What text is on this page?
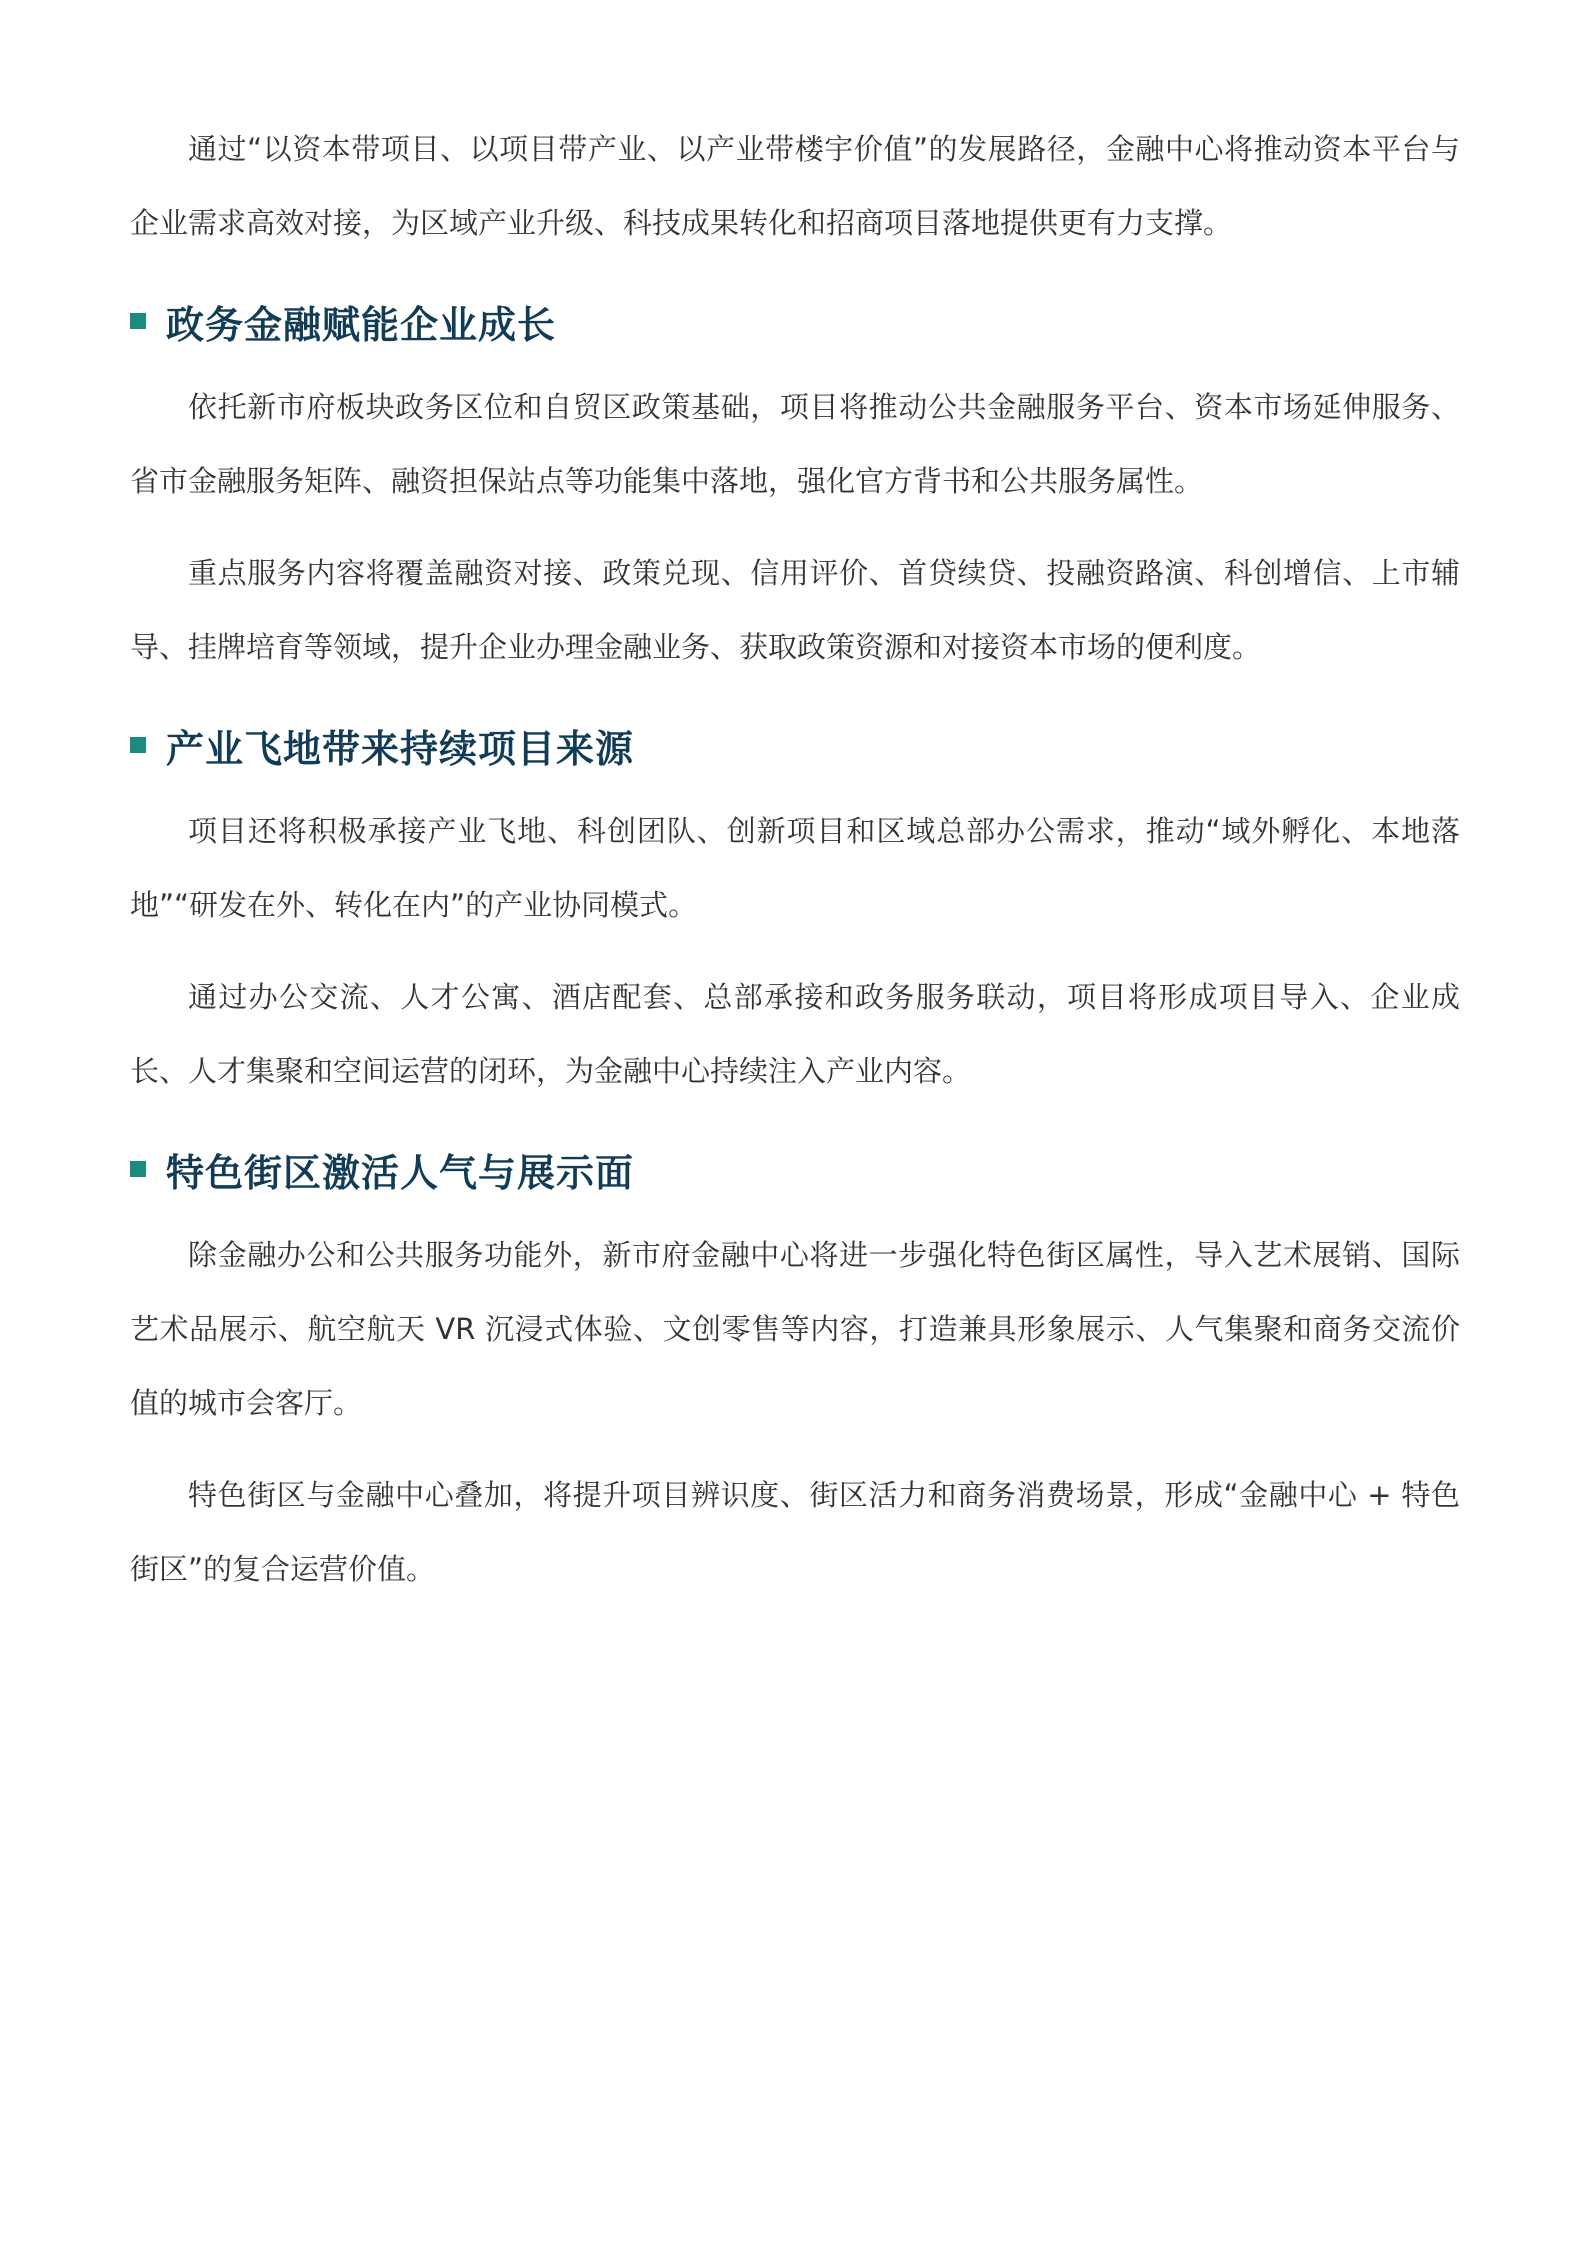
通过“以资本带项目、以项目带产业、以产业带楼宇价值”的发展路径，金融中心将推动资本平台与企业需求高效对接，为区域产业升级、科技成果转化和招商项目落地提供更有力支撑。

政务金融赋能企业成长

依托新市府板块政务区位和自贸区政策基础，项目将推动公共金融服务平台、资本市场延伸服务、省市金融服务矩阵、融资担保站点等功能集中落地，强化官方背书和公共服务属性。

重点服务内容将覆盖融资对接、政策兑现、信用评价、首贷续贷、投融资路演、科创增信、上市辅导、挂牌培育等领域，提升企业办理金融业务、获取政策资源和对接资本市场的便利度。

产业飞地带来持续项目来源

项目还将积极承接产业飞地、科创团队、创新项目和区域总部办公需求，推动“域外孵化、本地落地”“研发在外、转化在内”的产业协同模式。

通过办公交流、人才公寓、酒店配套、总部承接和政务服务联动，项目将形成项目导入、企业成长、人才集聚和空间运营的闭环，为金融中心持续注入产业内容。

特色街区激活人气与展示面

除金融办公和公共服务功能外，新市府金融中心将进一步强化特色街区属性，导入艺术展销、国际艺术品展示、航空航天 VR 沉浸式体验、文创零售等内容，打造兼具形象展示、人气集聚和商务交流价值的城市会客厅。

特色街区与金融中心叠加，将提升项目辨识度、街区活力和商务消费场景，形成“金融中心 + 特色街区”的复合运营价值。
